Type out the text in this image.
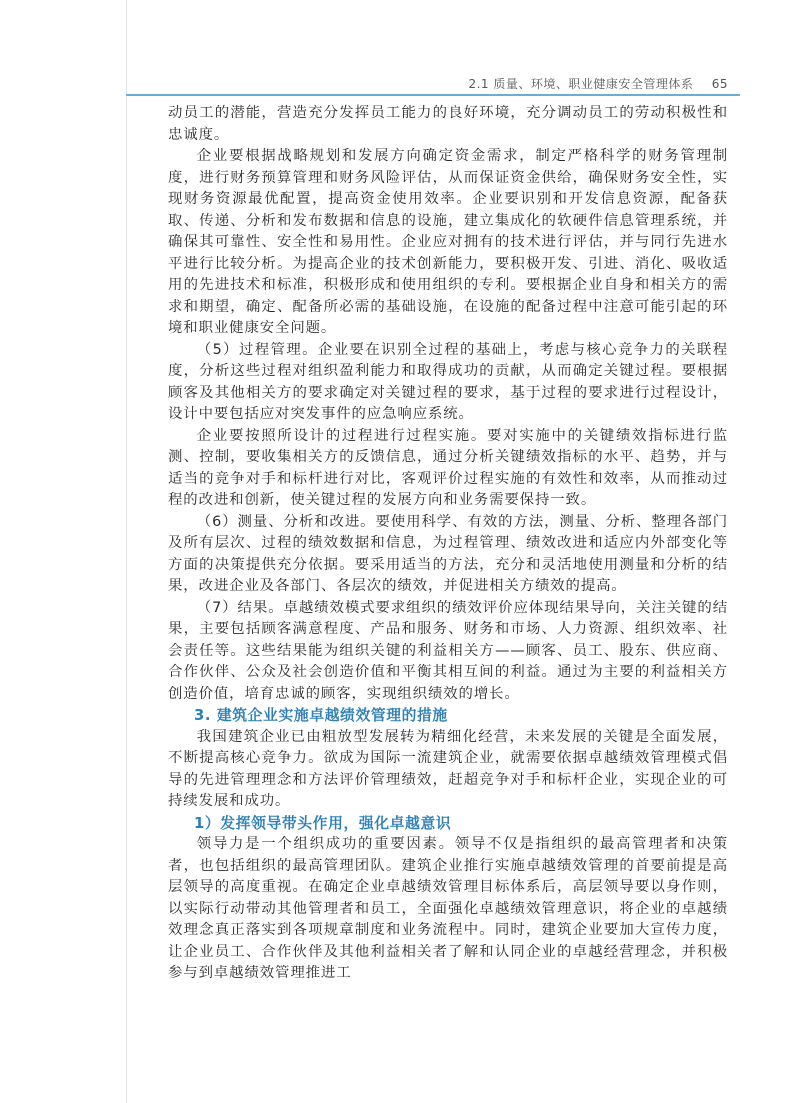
2.1 质量、环境、职业健康安全管理体系 65

动员工的潜能，营造充分发挥员工能力的良好环境，充分调动员工的劳动积极性和忠诚度。

企业要根据战略规划和发展方向确定资金需求，制定严格科学的财务管理制度，进行财务预算管理和财务风险评估，从而保证资金供给，确保财务安全性，实现财务资源最优配置，提高资金使用效率。企业要识别和开发信息资源，配备获取、传递、分析和发布数据和信息的设施，建立集成化的软硬件信息管理系统，并确保其可靠性、安全性和易用性。企业应对拥有的技术进行评估，并与同行先进水平进行比较分析。为提高企业的技术创新能力，要积极开发、引进、消化、吸收适用的先进技术和标准，积极形成和使用组织的专利。要根据企业自身和相关方的需求和期望，确定、配备所必需的基础设施，在设施的配备过程中注意可能引起的环境和职业健康安全问题。

（5）过程管理。企业要在识别全过程的基础上，考虑与核心竞争力的关联程度，分析这些过程对组织盈利能力和取得成功的贡献，从而确定关键过程。要根据顾客及其他相关方的要求确定对关键过程的要求，基于过程的要求进行过程设计，设计中要包括应对突发事件的应急响应系统。

企业要按照所设计的过程进行过程实施。要对实施中的关键绩效指标进行监测、控制，要收集相关方的反馈信息，通过分析关键绩效指标的水平、趋势，并与适当的竞争对手和标杆进行对比，客观评价过程实施的有效性和效率，从而推动过程的改进和创新，使关键过程的发展方向和业务需要保持一致。

（6）测量、分析和改进。要使用科学、有效的方法，测量、分析、整理各部门及所有层次、过程的绩效数据和信息，为过程管理、绩效改进和适应内外部变化等方面的决策提供充分依据。要采用适当的方法，充分和灵活地使用测量和分析的结果，改进企业及各部门、各层次的绩效，并促进相关方绩效的提高。

（7）结果。卓越绩效模式要求组织的绩效评价应体现结果导向，关注关键的结果，主要包括顾客满意程度、产品和服务、财务和市场、人力资源、组织效率、社会责任等。这些结果能为组织关键的利益相关方——顾客、员工、股东、供应商、合作伙伴、公众及社会创造价值和平衡其相互间的利益。通过为主要的利益相关方创造价值，培育忠诚的顾客，实现组织绩效的增长。

3. 建筑企业实施卓越绩效管理的措施

我国建筑企业已由粗放型发展转为精细化经营，未来发展的关键是全面发展，不断提高核心竞争力。欲成为国际一流建筑企业，就需要依据卓越绩效管理模式倡导的先进管理理念和方法评价管理绩效，赶超竞争对手和标杆企业，实现企业的可持续发展和成功。

1）发挥领导带头作用，强化卓越意识

领导力是一个组织成功的重要因素。领导不仅是指组织的最高管理者和决策者，也包括组织的最高管理团队。建筑企业推行实施卓越绩效管理的首要前提是高层领导的高度重视。在确定企业卓越绩效管理目标体系后，高层领导要以身作则，以实际行动带动其他管理者和员工，全面强化卓越绩效管理意识，将企业的卓越绩效理念真正落实到各项规章制度和业务流程中。同时，建筑企业要加大宣传力度，让企业员工、合作伙伴及其他利益相关者了解和认同企业的卓越经营理念，并积极参与到卓越绩效管理推进工
